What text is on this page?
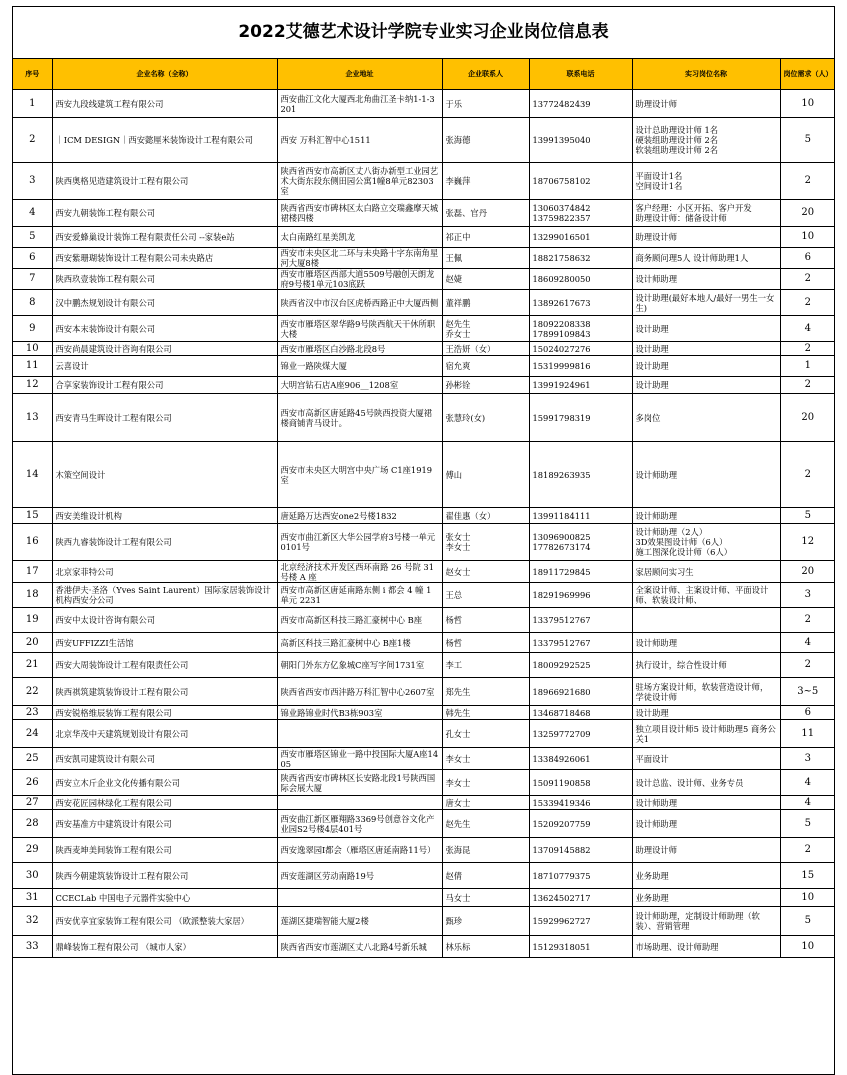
2022艾德艺术设计学院专业实习企业岗位信息表
序号	企业名称（全称）	企业地址	企业联系人	联系电话	实习岗位名称	岗位需求（人）
1	西安九段线建筑工程有限公司	西安曲江文化大厦西北角曲江圣卡纳1-1-3201	于乐	13772482439	助理设计师	10
2	｜ICM DESIGN｜西安懿厘米装饰设计工程有限公司	西安 万科汇智中心1511	张海德	13991395040	设计总助理设计师 1名
硬装组助理设计师 2名
软装组助理设计师 2名	5
3	陕西奥格见造建筑设计工程有限公司	陕西省西安市高新区丈八街办新型工业园艺术大街东段东侧田园公寓1幢8单元82303室	李巍萍	18706758102	平面设计1名
空间设计1名	2
4	西安九朝装饰工程有限公司	陕西省西安市碑林区太白路立交瑞鑫摩天城裙楼四楼	张磊、官丹	13060374842
13759822357	客户经理：小区开拓、客户开发
助理设计师：储备设计师	20
5	西安爱蜂巢设计装饰工程有限责任公司 --家装e站	太白南路红星美凯龙	祁正中	13299016501	助理设计师	10
6	西安紫珊瑚装饰设计工程有限公司未央路店	西安市未央区北二环与未央路十字东南角星河大厦8楼	王佩	18821758632	商务顾问理5人 设计师助理1人	6
7	陕西玖壹装饰工程有限公司	西安市雁塔区西部大道5509号融创天朗龙府9号楼1单元103底跃	赵婕	18609280050	设计师助理	2
8	汉中鹏杰规划设计有限公司	陕西省汉中市汉台区虎桥西路正中大厦西侧	董祥鹏	13892617673	设计助理(最好本地人/最好一男生一女生)	2
9	西安本末装饰设计有限公司	西安市雁塔区翠华路9号陕西航天干休所职大楼	赵先生
乔女士	18092208338
17899109843	设计助理	4
10	西安尚晨建筑设计咨询有限公司	西安市雁塔区白沙路北段8号	王浩妍（女）	15024027276	设计助理	2
11	云喜设计	锦业一路陕煤大厦	宿允爽	15319999816	设计助理	1
12	合享家装饰设计工程有限公司	大明宫钻石店A座906__1208室	孙彬铨	13991924961	设计助理	2
13	西安青马生晖设计工程有限公司	西安市高新区唐延路45号陕西投资大厦裙楼商铺青马设计。	张慧玲(女)	15991798319	多岗位	20
14	木策空间设计	西安市未央区大明宫中央广场 C1座1919室	傅山	18189263935	设计师助理	2
15	西安美维设计机构	唐延路万达西安one2号楼1832	翟佳惠（女）	13991184111	设计师助理	5
16	陕西九睿装饰设计工程有限公司	西安市曲江新区大华公园学府3号楼一单元0101号	张女士
李女士	13096900825
17782673174	设计师助理（2人）
3D效果图设计师（6人）
施工图深化设计师（6人）	12
17	北京家菲特公司	北京经济技术开发区西环南路 26 号院 31 号楼 A 座	赵女士	18911729845	家居顾问实习生	20
18	香港伊夫·圣洛（Yves Saint Laurent）国际家居装饰设计机构西安分公司	西安市高新区唐延南路东侧 i 都会 4 幢 1 单元 2231	王总	18291969996	全案设计师、主案设计师、平面设计师、软装设计师、	3
19	西安中太设计咨询有限公司	西安市高新区科技三路汇豪树中心 B座	杨哲	13379512767		2
20	西安UFFIZZI生活馆	高新区科技三路汇豪树中心 B座1楼	杨哲	13379512767	设计师助理	4
21	西安大周装饰设计工程有限责任公司	朝阳门外东方亿象城C座写字间1731室	李工	18009292525	执行设计，综合性设计师	2
22	陕西祺筑建筑装饰设计工程有限公司	陕西省西安市西沣路万科汇智中心2607室	郑先生	18966921680	驻场方案设计师，软装营造设计师，学徒设计师	3~5
23	西安锐格维辰装饰工程有限公司	锦业路锦业时代B3栋903室	韩先生	13468718468	设计助理	6
24	北京华茂中天建筑规划设计有限公司		孔女士	13259772709	独立项目设计师5 设计师助理5 商务公关1	11
25	西安凯司建筑设计有限公司	西安市雁塔区锦业一路中投国际大厦A座1405	李女士	13384926061	平面设计	3
26	西安立木斤企业文化传播有限公司	陕西省西安市碑林区长安路北段1号陕西国际会展大厦	李女士	15091190858	设计总监、设计师、业务专员	4
27	西安花匠园林绿化工程有限公司		唐女士	15339419346	设计师助理	4
28	西安基准方中建筑设计有限公司	西安曲江新区雁翔路3369号创意谷文化产业园S2号楼4层401号	赵先生	15209207759	设计师助理	5
29	陕西麦坤美间装饰工程有限公司	西安逸翠园I都会（雁塔区唐延南路11号）	张海昆	13709145882	助理设计师	2
30	陕西今朝建筑装饰设计工程有限公司	西安莲湖区劳动南路19号	赵倩	18710779375	业务助理	15
31	CCECLab 中国电子元器件实验中心		马女士	13624502717	业务助理	10
32	西安优享宜家装饰工程有限公司 （欧派整装大家居）	莲湖区捷瑞智能大厦2楼	甄珍	15929962727	设计师助理，定制设计师助理（软装）、营销管理	5
33	鼎峰装饰工程有限公司 （城市人家）	陕西省西安市莲湖区丈八北路4号新乐城	林乐标	15129318051	市场助理、设计师助理	10
